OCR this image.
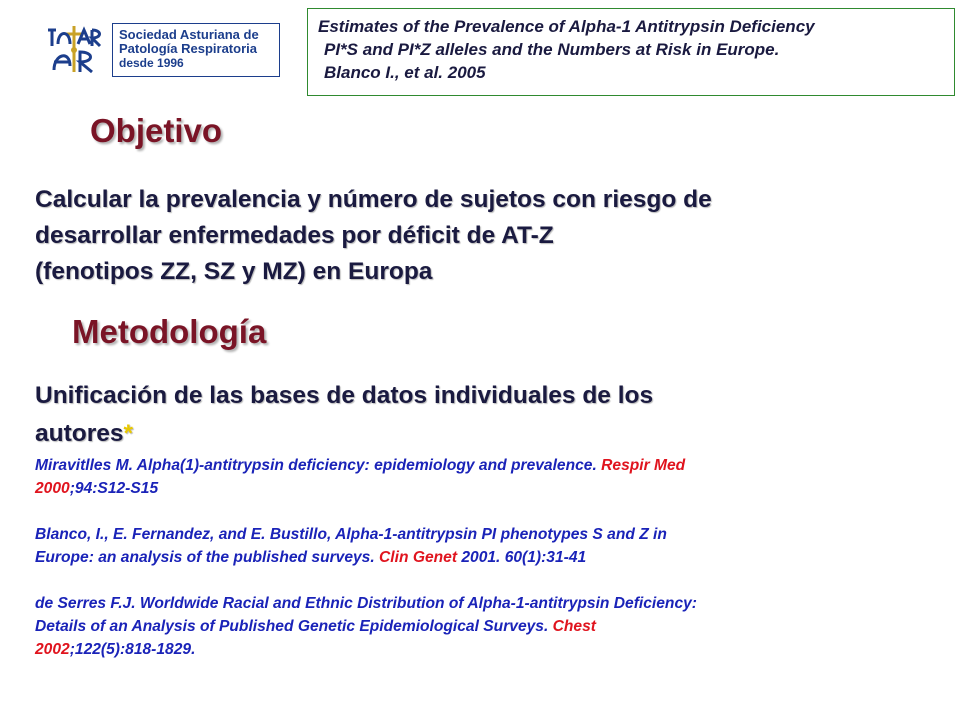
Sociedad Asturiana de
Patología Respiratoria
desde 1996
Estimates of the Prevalence of Alpha-1 Antitrypsin Deficiency
PI*S and PI*Z alleles and the Numbers at Risk in Europe.
Blanco I., et al. 2005
Objetivo
Calcular la prevalencia y número de sujetos con riesgo de
desarrollar enfermedades por déficit de AT-Z
(fenotipos ZZ, SZ y MZ) en Europa
Metodología
Unificación de las bases de datos individuales de los
autores*
Miravitlles M. Alpha(1)-antitrypsin deficiency: epidemiology and prevalence. Respir Med
2000;94:S12-S15
Blanco, I., E. Fernandez, and E. Bustillo, Alpha-1-antitrypsin PI phenotypes S and Z in
Europe: an analysis of the published surveys. Clin Genet 2001. 60(1):31-41
de Serres F.J. Worldwide Racial and Ethnic Distribution of Alpha-1-antitrypsin Deficiency:
Details of an Analysis of Published Genetic Epidemiological Surveys. Chest
2002;122(5):818-1829.
